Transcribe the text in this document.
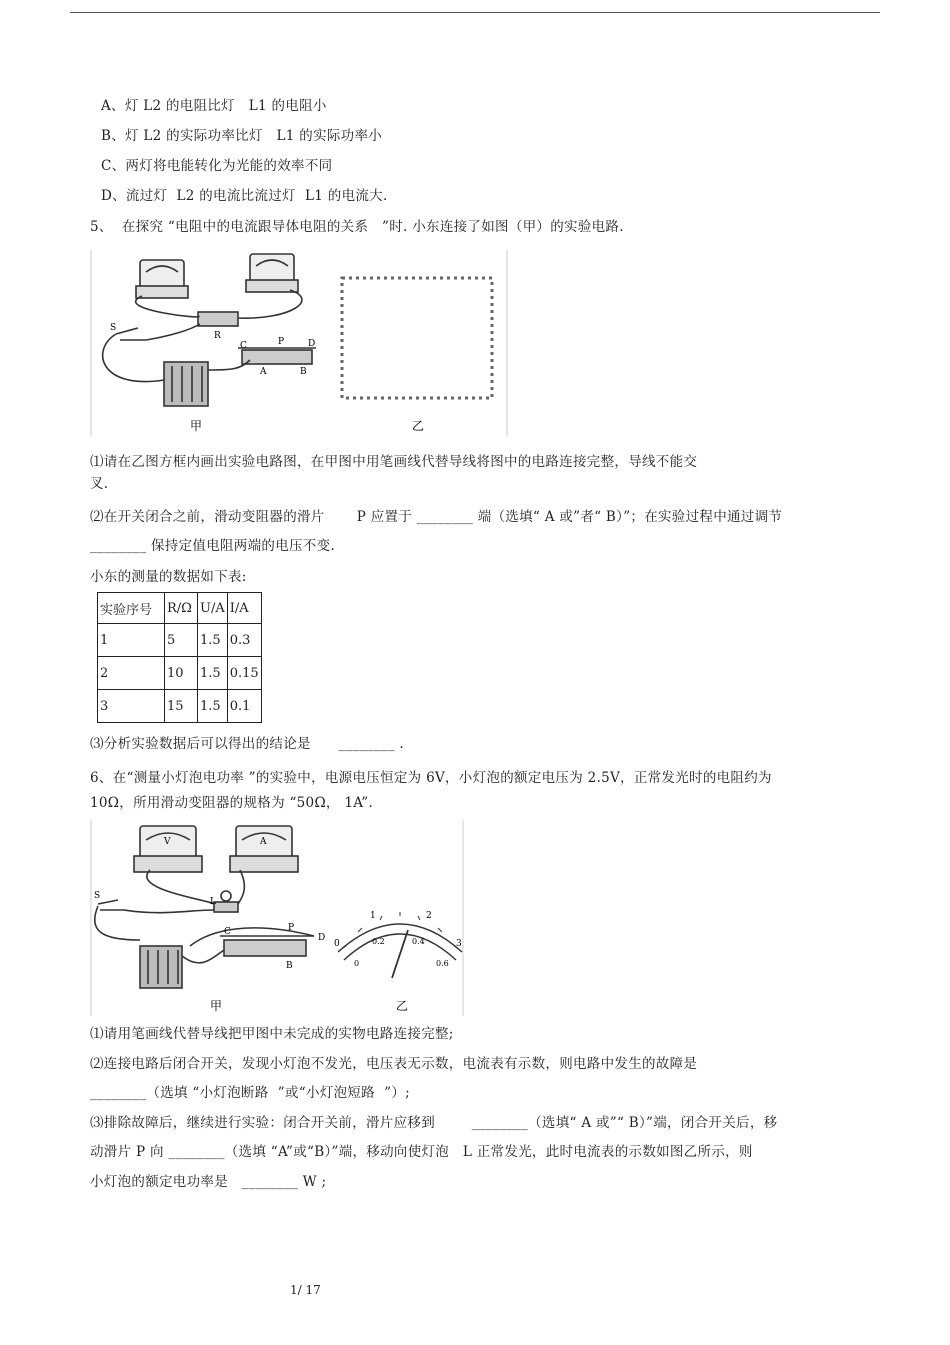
A、灯 L2 的电阻比灯   L1 的电阻小
B、灯 L2 的实际功率比灯   L1 的实际功率小
C、两灯将电能转化为光能的效率不同
D、流过灯  L2 的电流比流过灯  L1 的电流大.
5、  在探究 “电阻中的电流跟导体电阻的关系   ”时. 小东连接了如图（甲）的实验电路.
S
R
C	P	D
A	B
甲	乙
⑴请在乙图方框内画出实验电路图，在甲图中用笔画线代替导线将图中的电路连接完整，导线不能交
叉.
⑵在开关闭合之前，滑动变阻器的滑片       P 应置于 ________ 端（选填“ A 或”者“ B）”；在实验过程中通过调节
________ 保持定值电阻两端的电压不变.
小东的测量的数据如下表:
实验序号	R/Ω	U/A	I/A
1	5	1.5	0.3
2	10	1.5	0.15
3	15	1.5	0.1
⑶分析实验数据后可以得出的结论是      ________ .
6、在“测量小灯泡电功率 ”的实验中，电源电压恒定为 6V，小灯泡的额定电压为 2.5V，正常发光时的电阻约为
10Ω，所用滑动变阻器的规格为 “50Ω， 1A”.
S
L
V	A
C	P
D
B
0
1	2
3
0
0.2	0.4
0.6
甲	乙
⑴请用笔画线代替导线把甲图中未完成的实物电路连接完整;
⑵连接电路后闭合开关，发现小灯泡不发光，电压表无示数，电流表有示数，则电路中发生的故障是
________（选填 “小灯泡断路  ”或“小灯泡短路  ”）;
⑶排除故障后，继续进行实验：闭合开关前，滑片应移到        ________（选填“ A 或”“ B）”端，闭合开关后，移
动滑片 P 向 ________（选填 “A”或“B）”端，移动向使灯泡   L 正常发光，此时电流表的示数如图乙所示，则
小灯泡的额定电功率是   ________ W ;
1/ 17
